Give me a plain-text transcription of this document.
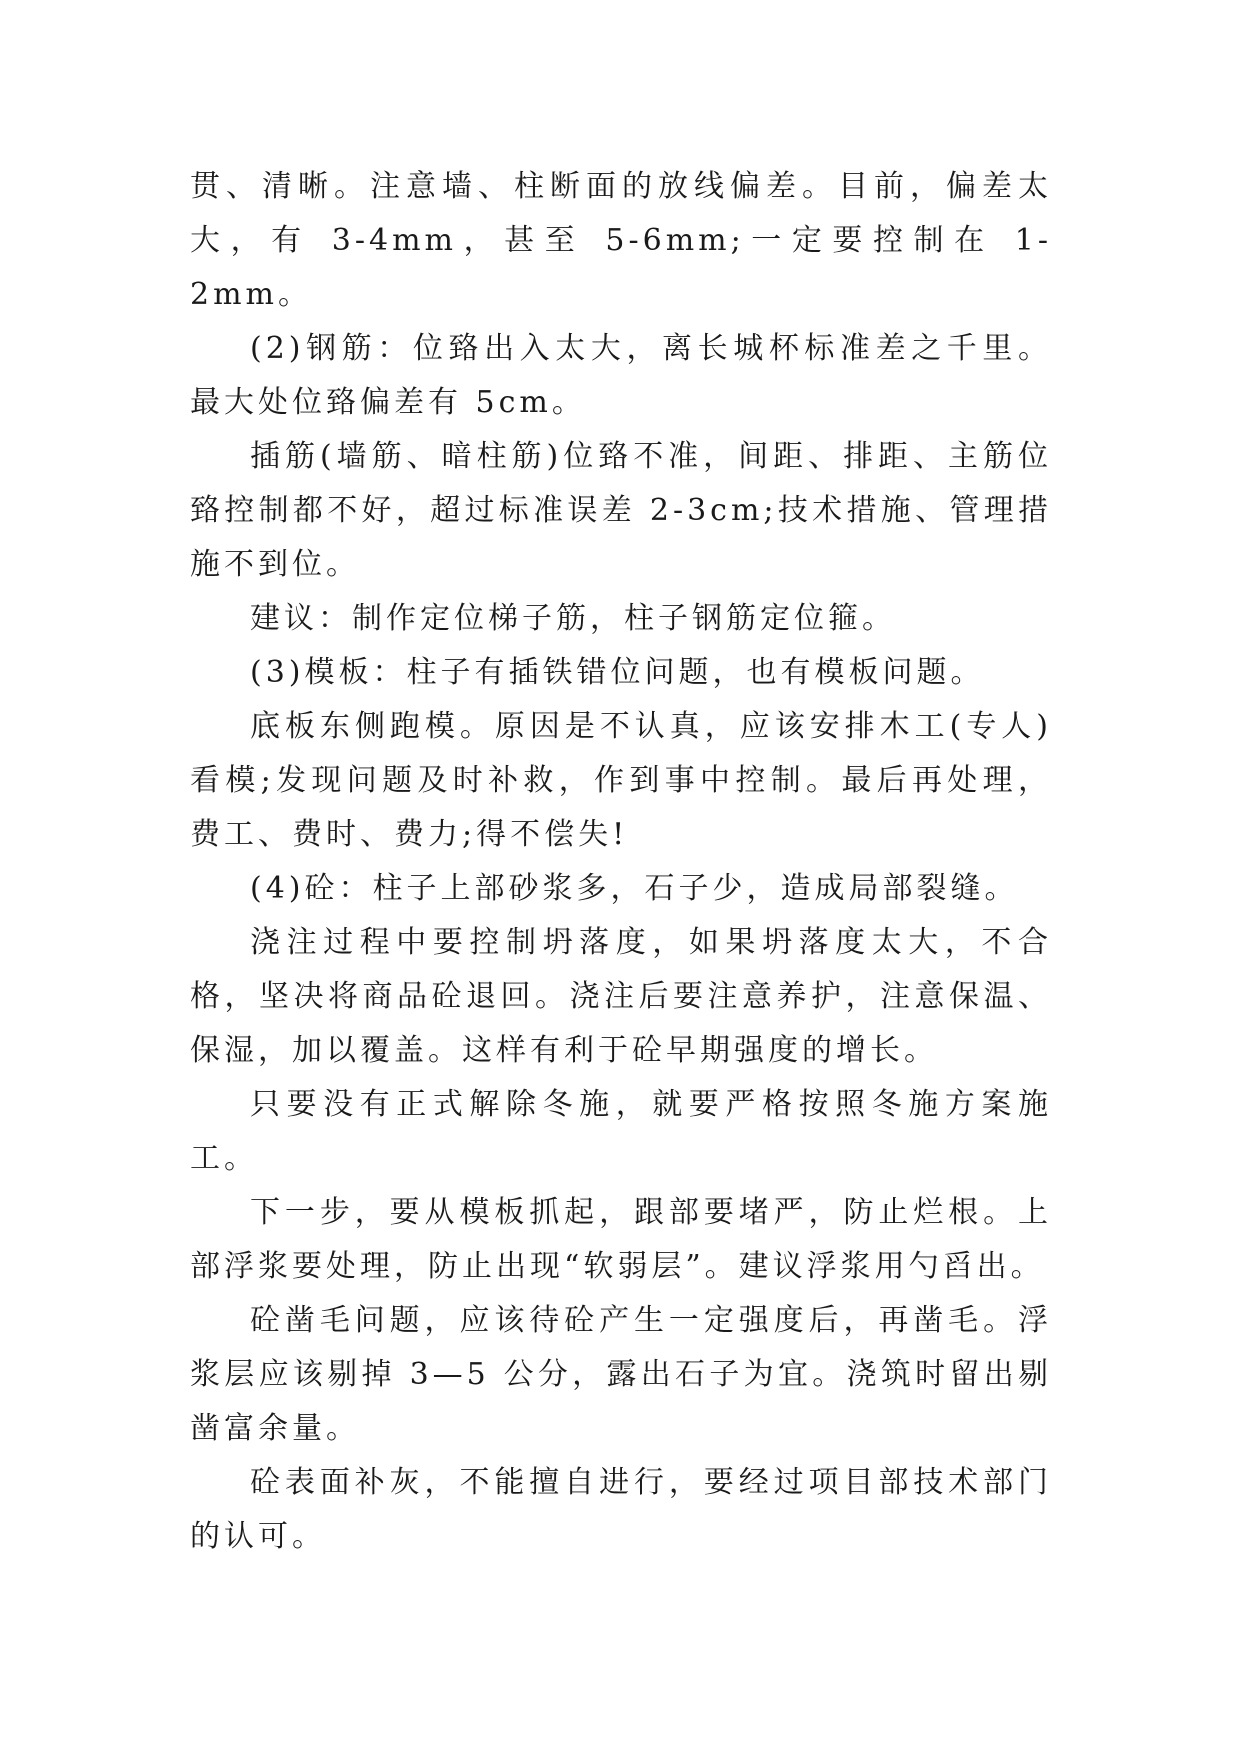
贯、清晰。注意墙、柱断面的放线偏差。目前，偏差太大，有 3-4mm，甚至 5-6mm;一定要控制在 1-2mm。

(2)钢筋：位臵出入太大，离长城杯标准差之千里。最大处位臵偏差有 5cm。

插筋(墙筋、暗柱筋)位臵不准，间距、排距、主筋位臵控制都不好，超过标准误差 2-3cm;技术措施、管理措施不到位。

建议：制作定位梯子筋，柱子钢筋定位箍。

(3)模板：柱子有插铁错位问题，也有模板问题。

底板东侧跑模。原因是不认真，应该安排木工(专人)看模;发现问题及时补救，作到事中控制。最后再处理，费工、费时、费力;得不偿失!

(4)砼：柱子上部砂浆多，石子少，造成局部裂缝。

浇注过程中要控制坍落度，如果坍落度太大，不合格，坚决将商品砼退回。浇注后要注意养护，注意保温、保湿，加以覆盖。这样有利于砼早期强度的增长。

只要没有正式解除冬施，就要严格按照冬施方案施工。

下一步，要从模板抓起，跟部要堵严，防止烂根。上部浮浆要处理，防止出现“软弱层”。建议浮浆用勺舀出。

砼凿毛问题，应该待砼产生一定强度后，再凿毛。浮浆层应该剔掉 3—5 公分，露出石子为宜。浇筑时留出剔凿富余量。

砼表面补灰，不能擅自进行，要经过项目部技术部门的认可。
